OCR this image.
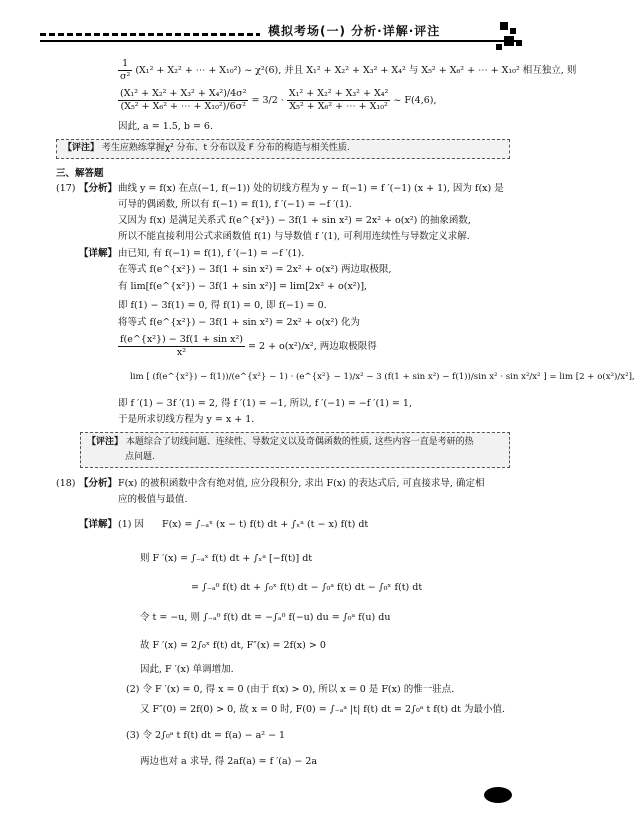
模拟考场(一) 分析·详解·评注
$\frac{1}{\text{σ²}} (X_1^2 + X_2^2$ + ⋯ + X₁₀²) ~ χ²(6), 并且 X₁² + X₂² + X₃² + X₄² 与 X₅² + X₆² + ⋯ + X₁₀² 相互独立, 则
$\frac{\text{(X₁² + X₂² + X₃² + X₄²)/4σ²}}{\text{(X₅² + X₆² + ⋯ + X₁₀²)/6σ²}} = 3/2 \cdot \frac{\text{X₁² + X₂² + X₃² + X₄²}}{\text{X₅² + X₆² + ⋯ + X₁₀²}}$ ~ F(4,6),
因此, a = 1.5, b = 6.
【评注】 考生应熟练掌握χ² 分布、t 分布以及 F 分布的构造与相关性质.
三、解答题
(17) 【分析】 曲线 y = f(x) 在点(−1, f(−1)) 处的切线方程为 y − f(−1) = f ′(−1) (x + 1), 因为 f(x) 是
可导的偶函数, 所以有 f(−1) = f(1), f ′(−1) = −f ′(1).
又因为 f(x) 是满足关系式 f(e^{x²}) − 3f(1 + sin x²) = 2x² + o(x²) 的抽象函数,
所以不能直接利用公式求函数值 f(1) 与导数值 f ′(1), 可利用连续性与导数定义求解.
【详解】 由已知, 有 f(−1) = f(1), f ′(−1) = −f ′(1).
在等式 f(e^{x²}) − 3f(1 + sin x²) = 2x² + o(x²) 两边取极限,
有 lim[f(e^{x²}) − 3f(1 + sin x²)] = lim[2x² + o(x²)],
即 f(1) − 3f(1) = 0, 得 f(1) = 0, 即 f(−1) = 0.
将等式 f(e^{x²}) − 3f(1 + sin x²) = 2x² + o(x²) 化为
$\frac{\text{f(e\textasciicircum{}\{x²\}) − 3f(1 + sin x²)}}{\text{x²}} = 2 + o(x^2)/x^2$, 两边取极限得
lim [ (f(e^{x²}) − f(1))/(e^{x²} − 1) · (e^{x²} − 1)/x² − 3 (f(1 + sin x²) − f(1))/sin x² · sin x²/x² ] = lim [2 + o(x²)/x²],
即 f ′(1) − 3f ′(1) = 2, 得 f ′(1) = −1, 所以, f ′(−1) = −f ′(1) = 1,
于是所求切线方程为 y = x + 1.
【评注】 本题综合了切线问题、连续性、导数定义以及奇偶函数的性质, 这些内容一直是考研的热
点问题.
(18) 【分析】 F(x) 的被积函数中含有绝对值, 应分段积分, 求出 F(x) 的表达式后, 可直接求导, 确定相
应的极值与最值.
【详解】 (1) 因 F(x) = ∫₋ₐˣ (x − t) f(t) dt + ∫ₓᵃ (t − x) f(t) dt
则 F ′(x) = ∫₋ₐˣ f(t) dt + ∫ₓᵃ [−f(t)] dt
= ∫₋ₐ⁰ f(t) dt + ∫₀ˣ f(t) dt − ∫₀ᵃ f(t) dt − ∫₀ˣ f(t) dt
令 t = −u, 则 ∫₋ₐ⁰ f(t) dt = −∫ₐ⁰ f(−u) du = ∫₀ᵃ f(u) du
故 F ′(x) = 2∫₀ˣ f(t) dt, F″(x) = 2f(x) > 0
因此, F ′(x) 单调增加.
(2) 令 F ′(x) = 0, 得 x = 0 (由于 f(x) > 0), 所以 x = 0 是 F(x) 的惟一驻点.
又 F″(0) = 2f(0) > 0, 故 x = 0 时, F(0) = ∫₋ₐᵃ |t| f(t) dt = 2∫₀ᵃ t f(t) dt 为最小值.
(3) 令 2∫₀ᵃ t f(t) dt = f(a) − a² − 1
两边也对 a 求导, 得 2af(a) = f ′(a) − 2a
